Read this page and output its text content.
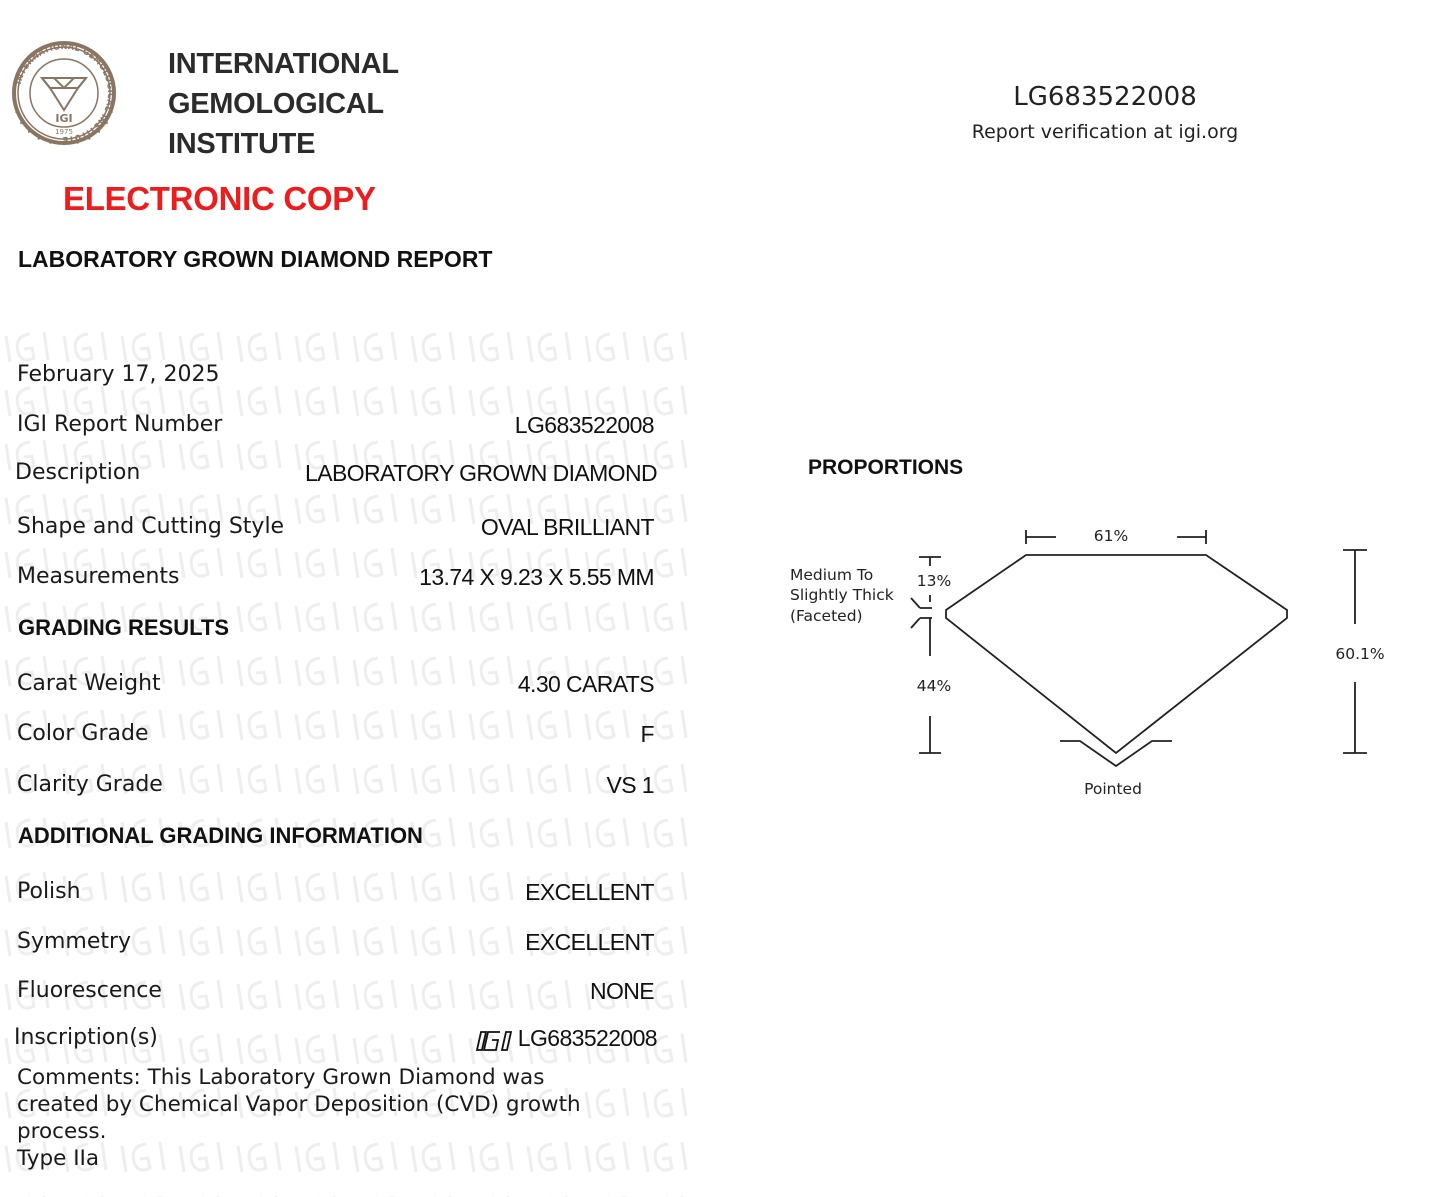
INTERNATIONAL GEMOLOGICAL INSTITUTE
IGI
1975
INTERNATIONAL
GEMOLOGICAL
INSTITUTE
ELECTRONIC COPY
LABORATORY GROWN DIAMOND REPORT
LG683522008
Report verification at igi.org
February 17, 2025
IGI Report Number	LG683522008
Description	LABORATORY GROWN DIAMOND
Shape and Cutting Style	OVAL BRILLIANT
Measurements	13.74 X 9.23 X 5.55 MM
GRADING RESULTS
Carat Weight	4.30 CARATS
Color Grade	F
Clarity Grade	VS 1
ADDITIONAL GRADING INFORMATION
Polish	EXCELLENT
Symmetry	EXCELLENT
Fluorescence	NONE
Inscription(s)	LG683522008
Comments: This Laboratory Grown Diamond was
created by Chemical Vapor Deposition (CVD) growth
process.
Type IIa
PROPORTIONS
61%
13%
44%
60.1%
Medium To
Slightly Thick
(Faceted)
Pointed
